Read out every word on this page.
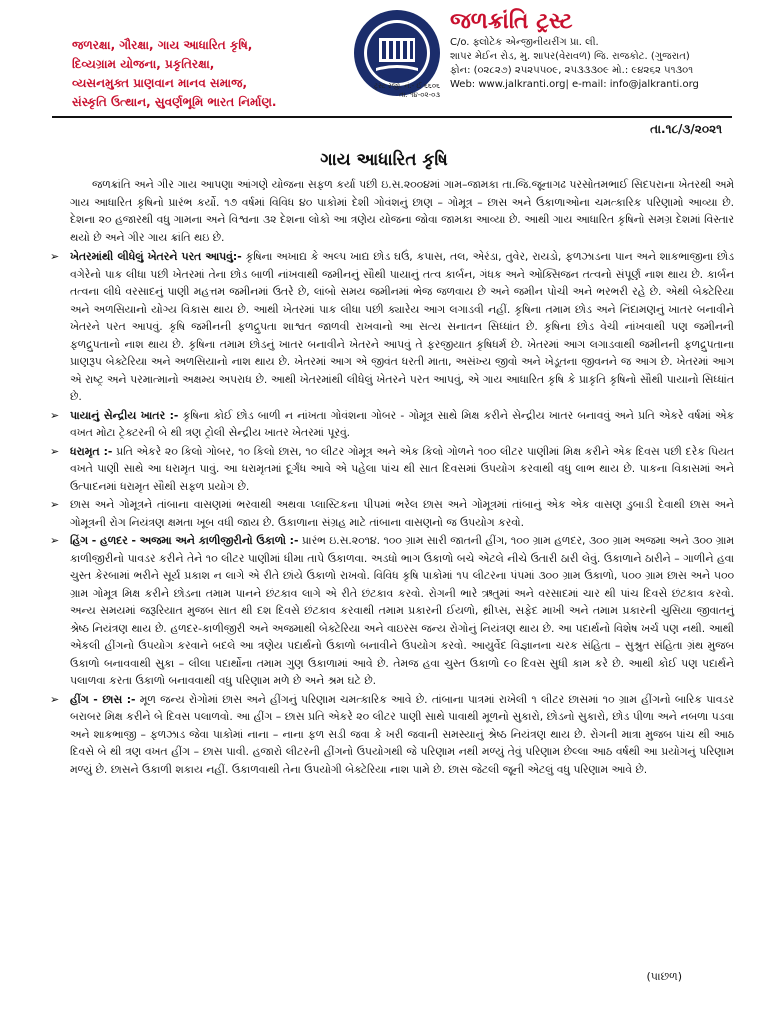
જળરક્ષા, ગૌરક્ષા, ગાય આધારિત કૃષિ,
દિવ્યગ્રામ યોજના, પ્રકૃતિરક્ષા,
વ્યસનમુક્ત પ્રાણવાન માનવ સમાજ,
સંસ્કૃતિ ઉત્થાન, સુવર્ણભૂમિ ભારત નિર્માણ.
ટ્રસ્ટ રજી. નં.- ઈ ૬૬૦૬
તા. ૧૪-૦૨-૦૩
જળક્રાંતિ ટ્રસ્ટ
C/o. ફ્લોટેક એન્જીનીયરીંગ પ્રા. લી.
શાપર મેઈન રોડ, મુ. શાપર(વેરાવળ) જિ. રાજકોટ. (ગુજરાત)
ફોન: (૦૨૮૨૭) ૨૫૨૫૫૦૯, ૨૫૩૩૩૦૯ મો.: ૯૪૨૬૨ ૫૧૩૦૧
Web: www.jalkranti.org| e-mail: info@jalkranti.org
તા.૧૮/૩/૨૦૨૧
ગાય આધારિત કૃષિ

જળક્રાંતિ અને ગીર ગાય આપણા આંગણે યોજના સફળ કર્યા પછી ઇ.સ.૨૦૦૪માં ગામ–જામકા તા.જિ.જૂનાગઢ પરસોતમભાઈ સિદપરાના ખેતરથી અમે ગાય આધારિત કૃષિનો પ્રારંભ કર્યો. ૧૭ વર્ષમાં વિવિધ ૪૦ પાકોમાં દેશી ગોવંશનું છાણ – ગોમૂત્ર – છાસ અને ઉકાળાઓના ચમત્કારિક પરિણામો આવ્યા છે. દેશના ૨૦ હજારથી વધુ ગામના અને વિશ્વના ૩૨ દેશના લોકો આ ત્રણેય યોજના જોવા જામકા આવ્યા છે. આથી ગાય આધારિત કૃષિનો સમગ્ર દેશમાં વિસ્તાર થયો છે અને ગીર ગાય ક્રાંતિ થઇ છે.

➢ ખેતરમાંથી લીધેલું ખેતરને પરત આપવું:- કૃષિના અખાદ્ય કે અલ્પ ખાદ્ય છોડ ઘઉં, કપાસ, તલ, એરંડા, તુવેર, રાયડો, ફળઝાડના પાન અને શાકભાજીના છોડ વગેરેનો પાક લીધા પછી ખેતરમાં તેના છોડ બાળી નાંખવાથી જમીનનું સૌથી પાયાનું તત્વ કાર્બન, ગંધક અને ઓક્સિજન તત્વનો સંપૂર્ણ નાશ થાય છે. કાર્બન તત્વના લીધે વરસાદનું પાણી મહત્તમ જમીનમાં ઉતરે છે, લાંબો સમય જમીનમાં ભેજ જળવાય છે અને જમીન પોચી અને ભરભરી રહે છે. એથી બેક્ટેરિયા અને અળસિયાનો યોગ્ય વિકાસ થાય છે. આથી ખેતરમાં પાક લીધા પછી ક્યારેય આગ લગાડવી નહીં. કૃષિના તમામ છોડ અને નિંદામણનું ખાતર બનાવીને ખેતરને પરત આપવું. કૃષિ જમીનની ફળદ્રુપતા શાશ્વત જાળવી રાખવાનો આ સત્ય સનાતન સિધ્ધાંત છે. કૃષિના છોડ વેચી નાંખવાથી પણ જમીનની ફળદ્રુપતાનો નાશ થાય છે. કૃષિના તમામ છોડનું ખાતર બનાવીને ખેતરને આપવું તે ફરજીયાત કૃષિધર્મ છે. ખેતરમાં આગ લગાડવાથી જમીનની ફળદ્રુપતાના પ્રાણરૂપ બેક્ટેરિયા અને અળસિયાનો નાશ થાય છે. ખેતરમાં આગ એ જીવંત ધરતી માતા, અસંખ્ય જીવો અને ખેડૂતના જીવનને જ આગ છે. ખેતરમાં આગ એ રાષ્ટ્ર અને પરમાત્માનો અક્ષમ્ય અપરાધ છે. આથી ખેતરમાંથી લીધેલું ખેતરને પરત આપવું, એ ગાય આધારિત કૃષિ કે પ્રાકૃતિ કૃષિનો સૌથી પાયાનો સિધ્ધાંત છે.
➢ પાયાનું સેન્દ્રીય ખાતર :- કૃષિના કોઈ છોડ બાળી ન નાંખતા ગોવંશના ગોબર - ગોમૂત્ર સાથે મિક્ષ કરીને સેન્દ્રીય ખાતર બનાવવું અને પ્રતિ એકરે વર્ષમાં એક વખત મોટા ટ્રેક્ટરની બે થી ત્રણ ટ્રોલી સેન્દ્રીય ખાતર ખેતરમાં પૂરવું.
➢ ધરામૃત :- પ્રતિ એકરે ૨૦ કિલો ગોબર, ૧૦ કિલો છાસ, ૧૦ લીટર ગોમૂત્ર અને એક કિલો ગોળને ૧૦૦ લીટર પાણીમાં મિક્ષ કરીને એક દિવસ પછી દરેક પિયત વખતે પાણી સાથે આ ધરામૃત પાવું. આ ધરામૃતમાં દૂર્ગંધ આવે એ પહેલા પાંચ થી સાત દિવસમાં ઉપયોગ કરવાથી વધુ લાભ થાય છે. પાકના વિકાસમાં અને ઉત્પાદનમાં ધરામૃત સૌથી સફળ પ્રયોગ છે.
➢ છાસ અને ગોમૂત્રને તાંબાના વાસણમાં ભરવાથી અથવા પ્લાસ્ટિકના પીપમાં ભરેલ છાસ અને ગોમૂત્રમાં તાંબાનું એક એક વાસણ ડુબાડી દેવાથી છાસ અને ગોમૂત્રની રોગ નિયંત્રણ ક્ષમતા ખૂબ વધી જાય છે. ઉકાળાના સંગ્રહ માટે તાંબાના વાસણનો જ ઉપયોગ કરવો.
➢ હિંગ - હળદર - અજમા અને કાળીજીરીનો ઉકાળો :- પ્રારંભ ઇ.સ.૨૦૧૪. ૧૦૦ ગ્રામ સારી જાતની હીંગ, ૧૦૦ ગ્રામ હળદર, ૩૦૦ ગ્રામ અજમા અને ૩૦૦ ગ્રામ કાળીજીરીનો પાવડર કરીને તેને ૧૦ લીટર પાણીમાં ધીમા તાપે ઉકાળવા. અડધો ભાગ ઉકાળો બચે એટલે નીચે ઉતારી ઠારી લેવું. ઉકાળાને ઠારીને – ગાળીને હવા ચુસ્ત કેરબામાં ભરીને સૂર્ય પ્રકાશ ન લાગે એ રીતે છાંયે ઉકાળો રાખવો. વિવિધ કૃષિ પાકોમાં ૧૫ લીટરના પંપમાં ૩૦૦ ગ્રામ ઉકાળો, ૫૦૦ ગ્રામ છાસ અને ૫૦૦ ગ્રામ ગોમૂત્ર મિક્ષ કરીને છોડના તમામ પાનને છંટકાવ લાગે એ રીતે છંટકાવ કરવો. રોગની ભારે ઋતુમાં અને વરસાદમાં ચાર થી પાંચ દિવસે છંટકાવ કરવો. અન્ય સમયમાં જરૂરિયાત મુજબ સાત થી દશ દિવસે છંટકાવ કરવાથી તમામ પ્રકારની ઈયળો, થ્રીપ્સ, સફેદ માખી અને તમામ પ્રકારની ચુસિયા જીવાતનું શ્રેષ્ઠ નિયંત્રણ થાય છે. હળદર-કાળીજીરી અને અજમાથી બેક્ટેરિયા અને વાઇરસ જન્ય રોગોનું નિયંત્રણ થાય છે. આ પદાર્થનો વિશેષ ખર્ચ પણ નથી. આથી એકલી હીંગનો ઉપયોગ કરવાને બદલે આ ત્રણેય પદાર્થનો ઉકાળો બનાવીને ઉપયોગ કરવો. આયુર્વેદ વિજ્ઞાનના ચરક સંહિતા – સુશ્રુત સંહિતા ગ્રંથ મુજબ ઉકાળો બનાવવાથી સુકા – લીલા પદાર્થોના તમામ ગુણ ઉકાળામાં આવે છે. તેમજ હવા ચુસ્ત ઉકાળો ૯૦ દિવસ સુધી કામ કરે છે. આથી કોઈ પણ પદાર્થને પલાળવા કરતા ઉકાળો બનાવવાથી વધુ પરિણામ મળે છે અને શ્રમ ઘટે છે.
➢ હીંગ - છાસ :- મૂળ જન્ય રોગોમાં છાસ અને હીંગનું પરિણામ ચમત્કારિક આવે છે. તાંબાના પાત્રમાં રાખેલી ૧ લીટર છાસમાં ૧૦ ગ્રામ હીંગનો બારિક પાવડર બરાબર મિક્ષ કરીને બે દિવસ પલાળવો. આ હીંગ – છાસ પ્રતિ એકરે ૨૦ લીટર પાણી સાથે પાવાથી મૂળનો સુકારો, છોડનો સુકારો, છોડ પીળા અને નબળા પડવા અને શાકભાજી – ફળઝાડ જેવા પાકોમાં નાના – નાના ફળ સડી જવા કે ખરી જવાની સમસ્યાનું શ્રેષ્ઠ નિયંત્રણ થાય છે. રોગની માત્રા મુજબ પાંચ થી આઠ દિવસે બે થી ત્રણ વખત હીંગ – છાસ પાવી. હજારો લીટરની હીંગનો ઉપયોગથી જે પરિણામ નથી મળ્યું તેવું પરિણામ છેલ્લા આઠ વર્ષથી આ પ્રયોગનું પરિણામ મળ્યું છે. છાસને ઉકાળી શકાય નહીં. ઉકાળવાથી તેના ઉપયોગી બેક્ટેરિયા નાશ પામે છે. છાસ જેટલી જૂની એટલું વધુ પરિણામ આવે છે.
(પાછળ)
